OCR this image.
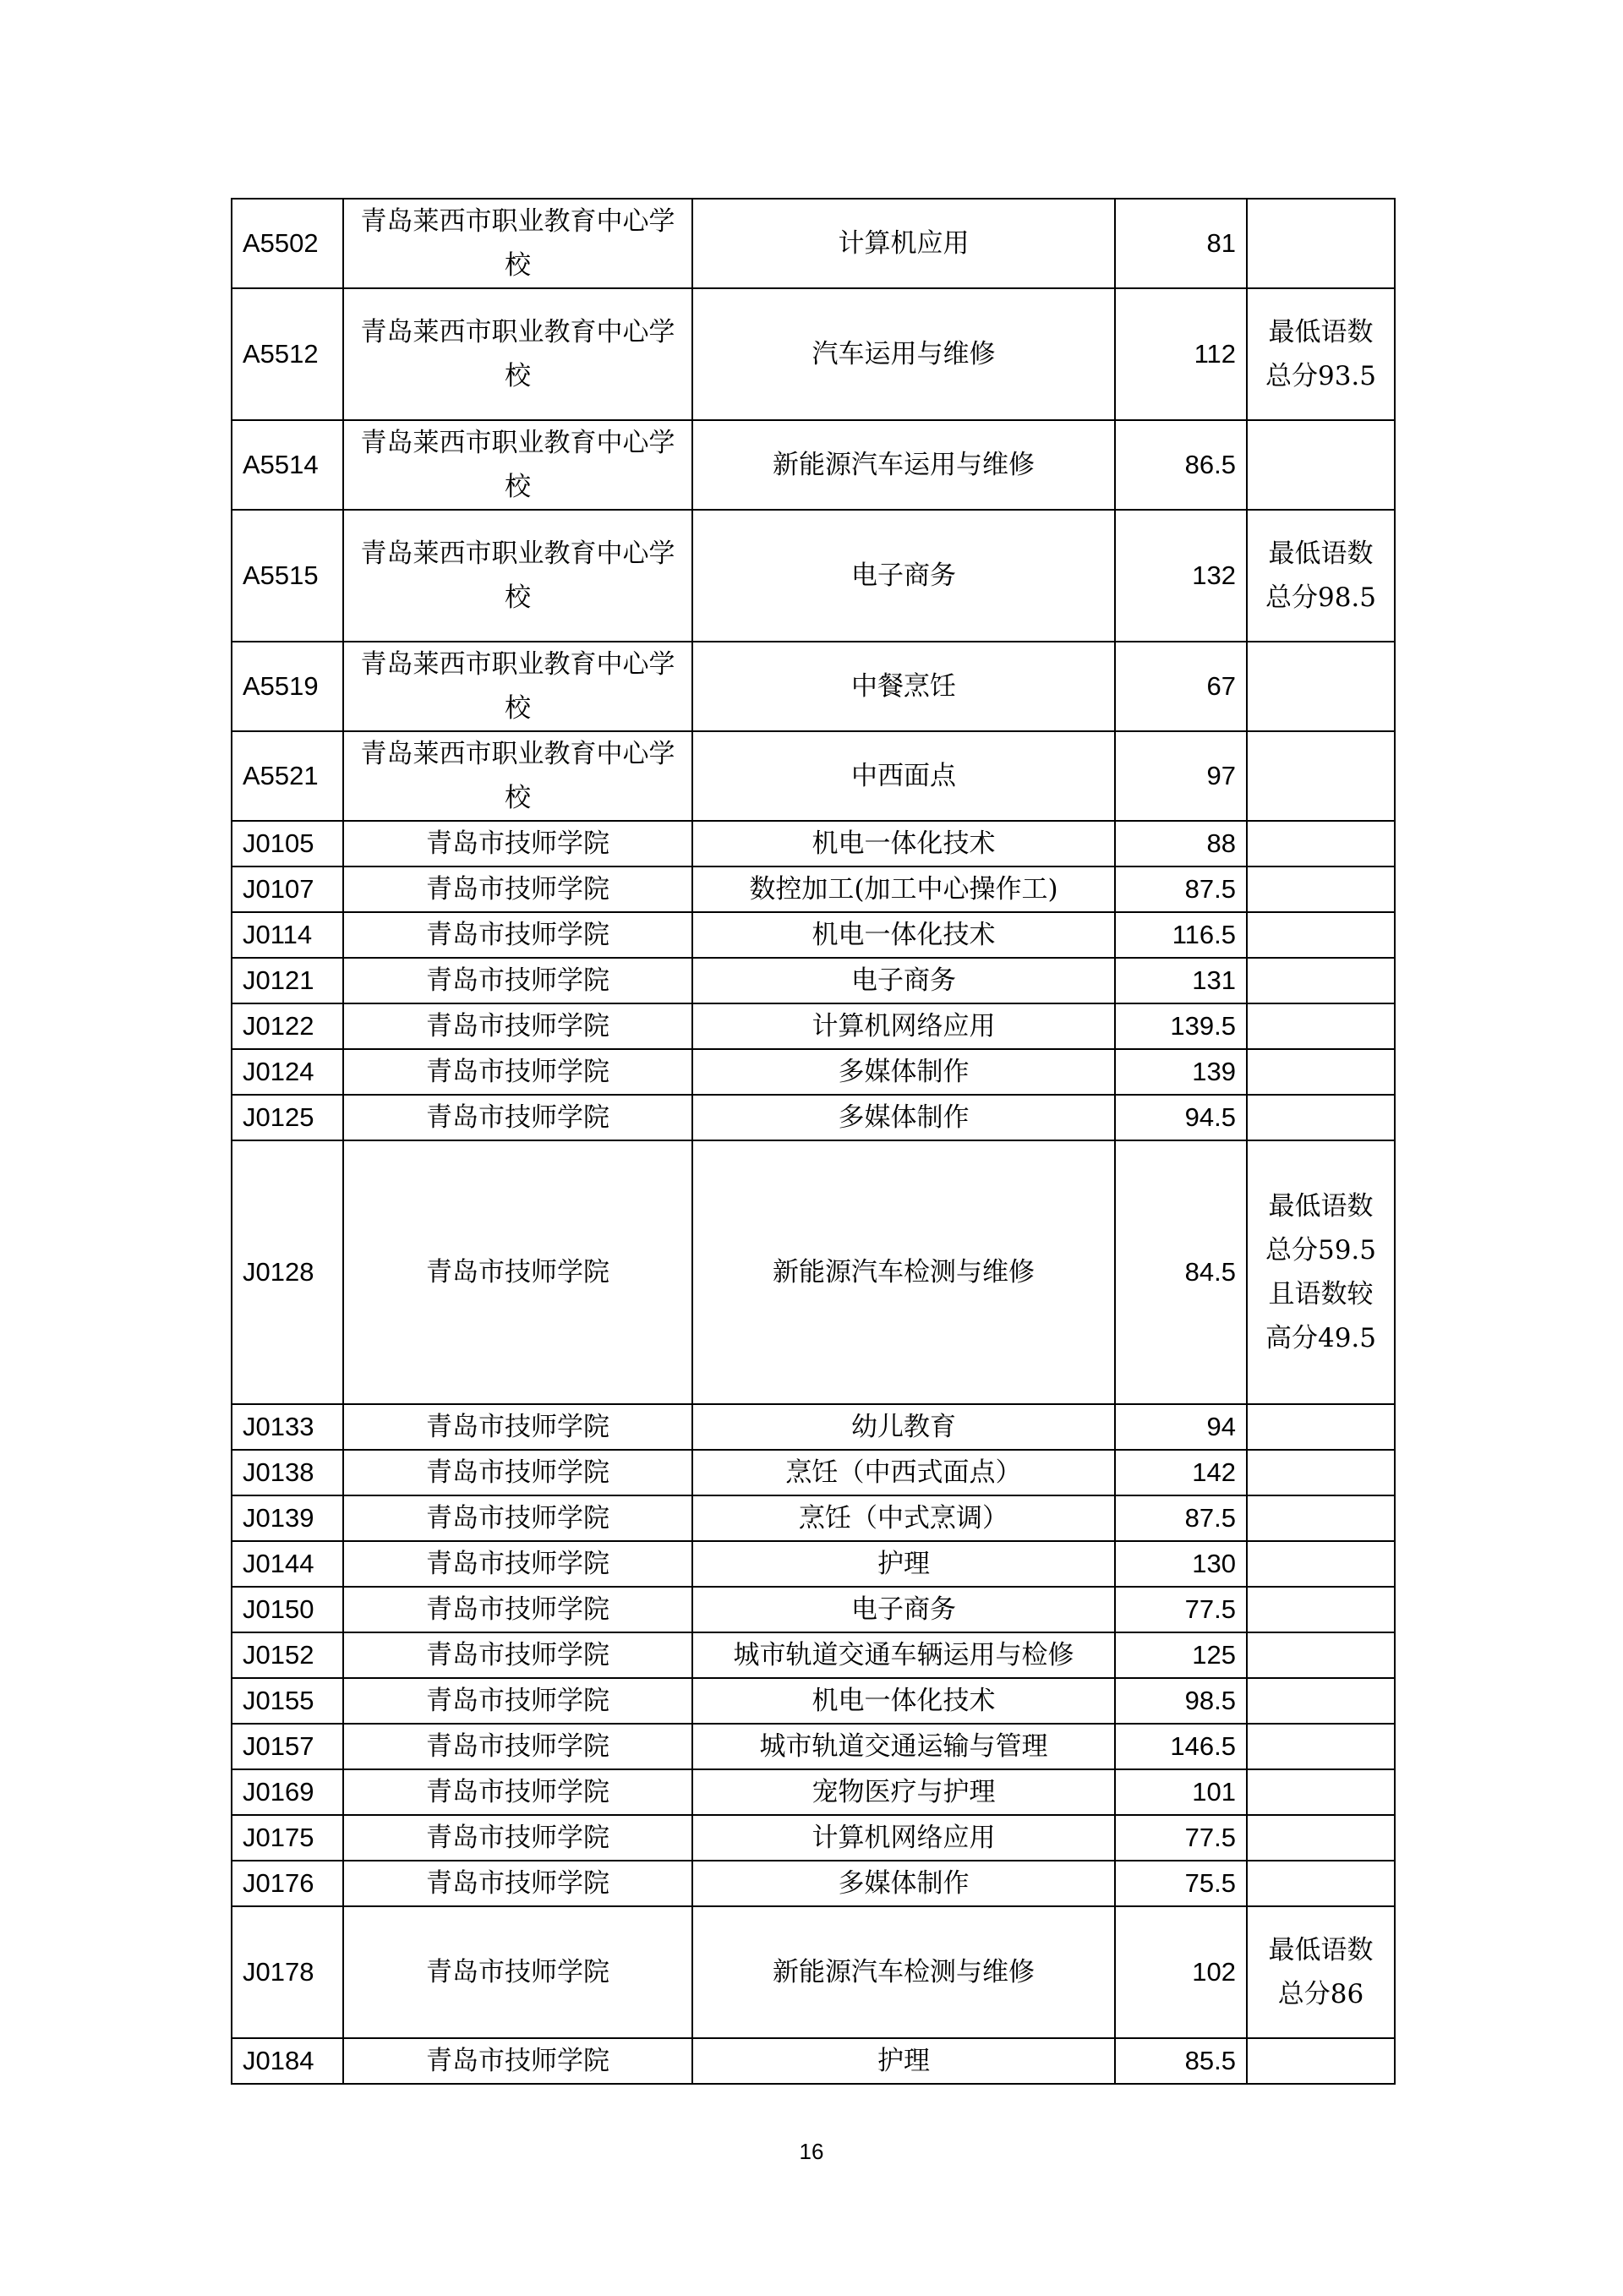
A5502	青岛莱西市职业教育中心学校	计算机应用	81	
A5512	青岛莱西市职业教育中心学校	汽车运用与维修	112	最低语数总分93.5
A5514	青岛莱西市职业教育中心学校	新能源汽车运用与维修	86.5	
A5515	青岛莱西市职业教育中心学校	电子商务	132	最低语数总分98.5
A5519	青岛莱西市职业教育中心学校	中餐烹饪	67	
A5521	青岛莱西市职业教育中心学校	中西面点	97	
J0105	青岛市技师学院	机电一体化技术	88	
J0107	青岛市技师学院	数控加工(加工中心操作工)	87.5	
J0114	青岛市技师学院	机电一体化技术	116.5	
J0121	青岛市技师学院	电子商务	131	
J0122	青岛市技师学院	计算机网络应用	139.5	
J0124	青岛市技师学院	多媒体制作	139	
J0125	青岛市技师学院	多媒体制作	94.5	
J0128	青岛市技师学院	新能源汽车检测与维修	84.5	最低语数总分59.5且语数较高分49.5
J0133	青岛市技师学院	幼儿教育	94	
J0138	青岛市技师学院	烹饪（中西式面点）	142	
J0139	青岛市技师学院	烹饪（中式烹调）	87.5	
J0144	青岛市技师学院	护理	130	
J0150	青岛市技师学院	电子商务	77.5	
J0152	青岛市技师学院	城市轨道交通车辆运用与检修	125	
J0155	青岛市技师学院	机电一体化技术	98.5	
J0157	青岛市技师学院	城市轨道交通运输与管理	146.5	
J0169	青岛市技师学院	宠物医疗与护理	101	
J0175	青岛市技师学院	计算机网络应用	77.5	
J0176	青岛市技师学院	多媒体制作	75.5	
J0178	青岛市技师学院	新能源汽车检测与维修	102	最低语数总分86
J0184	青岛市技师学院	护理	85.5	
16
